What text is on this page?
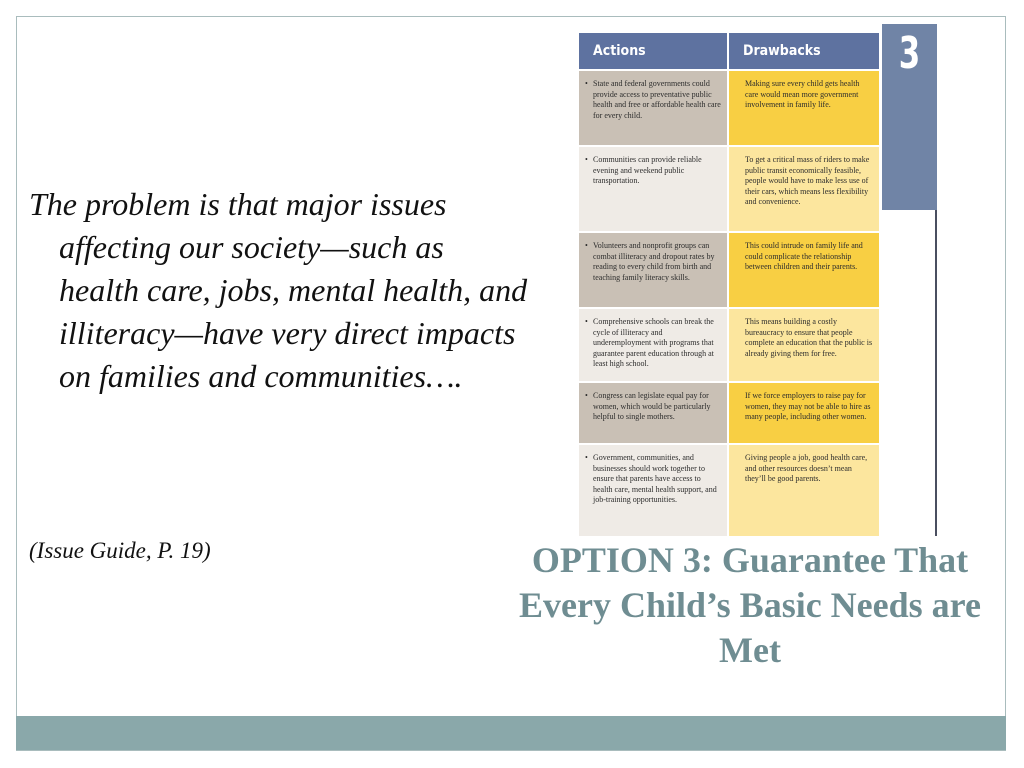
The problem is that major issues affecting our society—such as health care, jobs, mental health, and illiteracy—have very direct impacts on families and communities….

(Issue Guide, P. 19)

3
Actions	Drawbacks
• State and federal governments could provide access to preventative public health and free or affordable health care for every child.
Making sure every child gets health care would mean more government involvement in family life.
• Communities can provide reliable evening and weekend public transportation.
To get a critical mass of riders to make public transit economically feasible, people would have to make less use of their cars, which means less flexibility and convenience.
• Volunteers and nonprofit groups can combat illiteracy and dropout rates by reading to every child from birth and teaching family literacy skills.
This could intrude on family life and could complicate the relationship between children and their parents.
• Comprehensive schools can break the cycle of illiteracy and underemployment with programs that guarantee parent education through at least high school.
This means building a costly bureaucracy to ensure that people complete an education that the public is already giving them for free.
• Congress can legislate equal pay for women, which would be particularly helpful to single mothers.
If we force employers to raise pay for women, they may not be able to hire as many people, including other women.
• Government, communities, and businesses should work together to ensure that parents have access to health care, mental health support, and job-training opportunities.
Giving people a job, good health care, and other resources doesn’t mean they’ll be good parents.
OPTION 3: Guarantee That Every Child’s Basic Needs are Met
